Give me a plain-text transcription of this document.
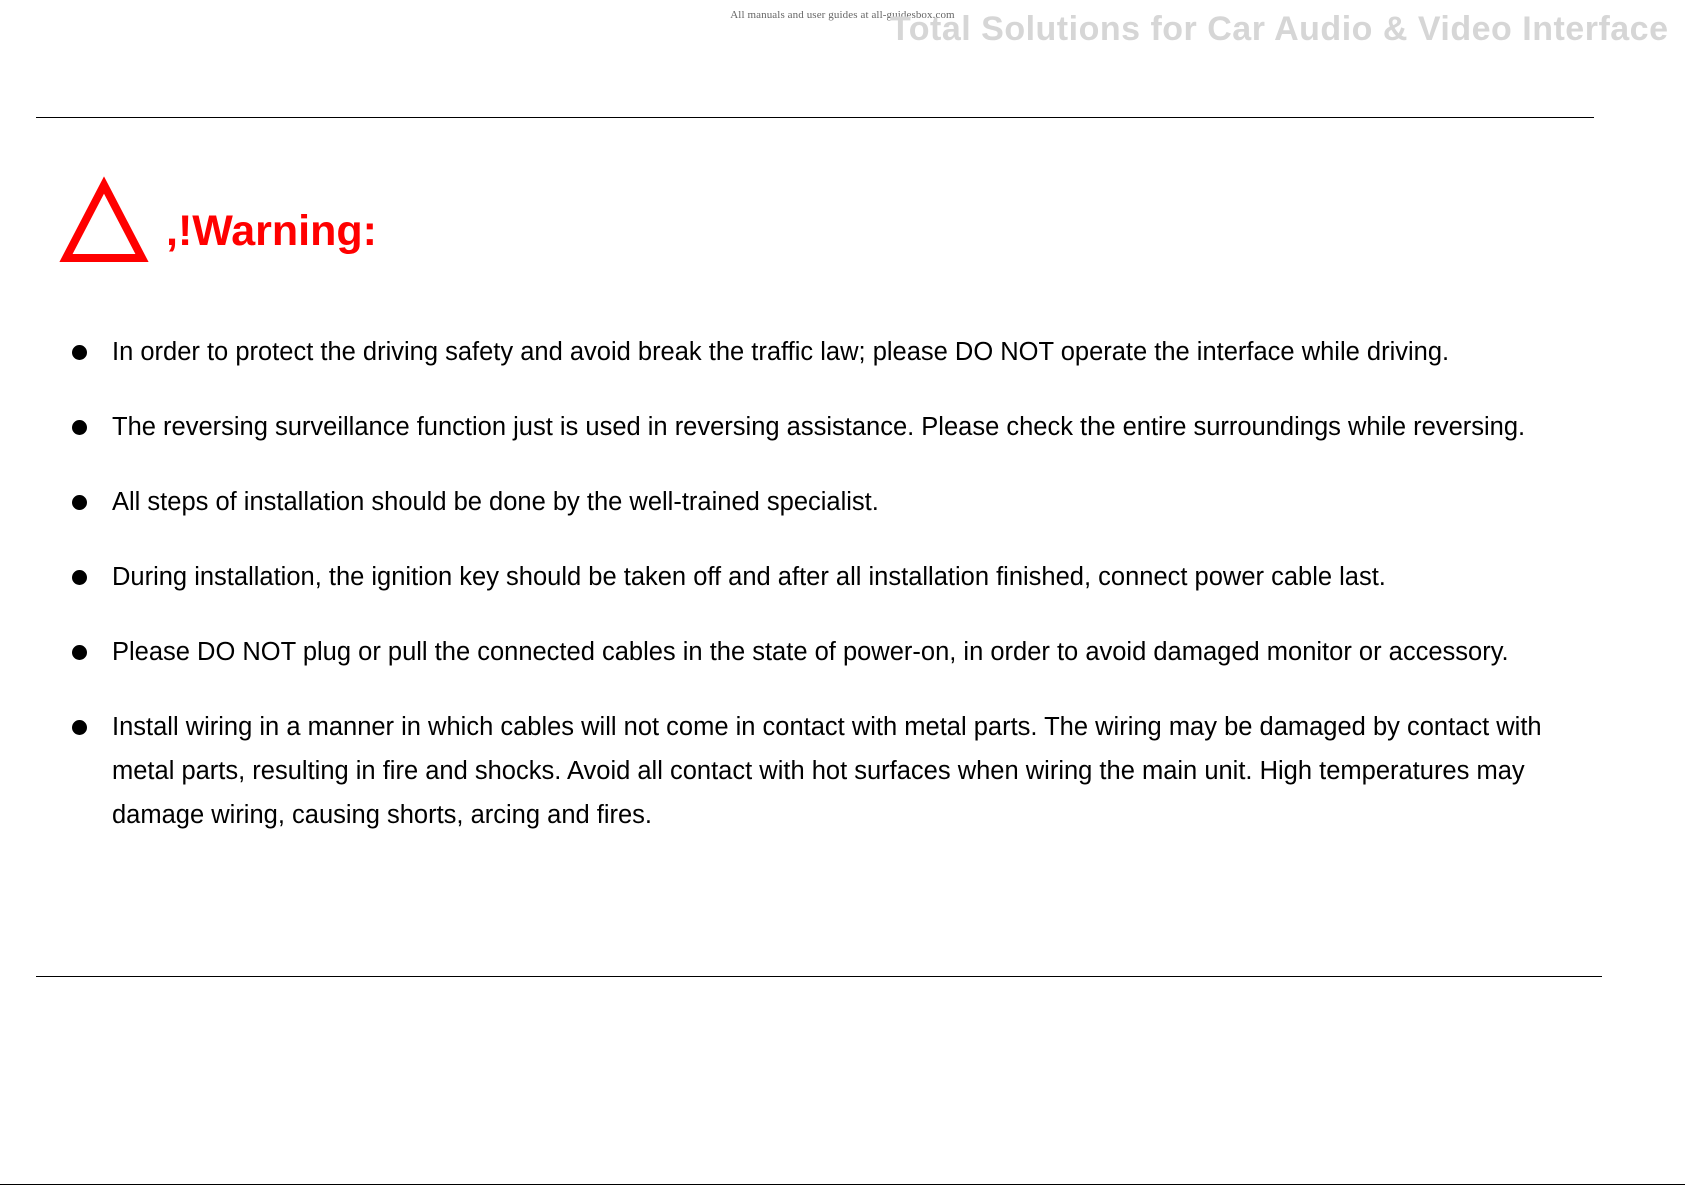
All manuals and user guides at all-guidesbox.com
Total Solutions for Car Audio & Video Interface
,!Warning:
In order to protect the driving safety and avoid break the traffic law; please DO NOT operate the interface while driving.
The reversing surveillance function just is used in reversing assistance. Please check the entire surroundings while reversing.
All steps of installation should be done by the well-trained specialist.
During installation, the ignition key should be taken off and after all installation finished, connect power cable last.
Please DO NOT plug or pull the connected cables in the state of power-on, in order to avoid damaged monitor or accessory.
Install wiring in a manner in which cables will not come in contact with metal parts. The wiring may be damaged by contact with metal parts, resulting in fire and shocks. Avoid all contact with hot surfaces when wiring the main unit. High temperatures may damage wiring, causing shorts, arcing and fires.
